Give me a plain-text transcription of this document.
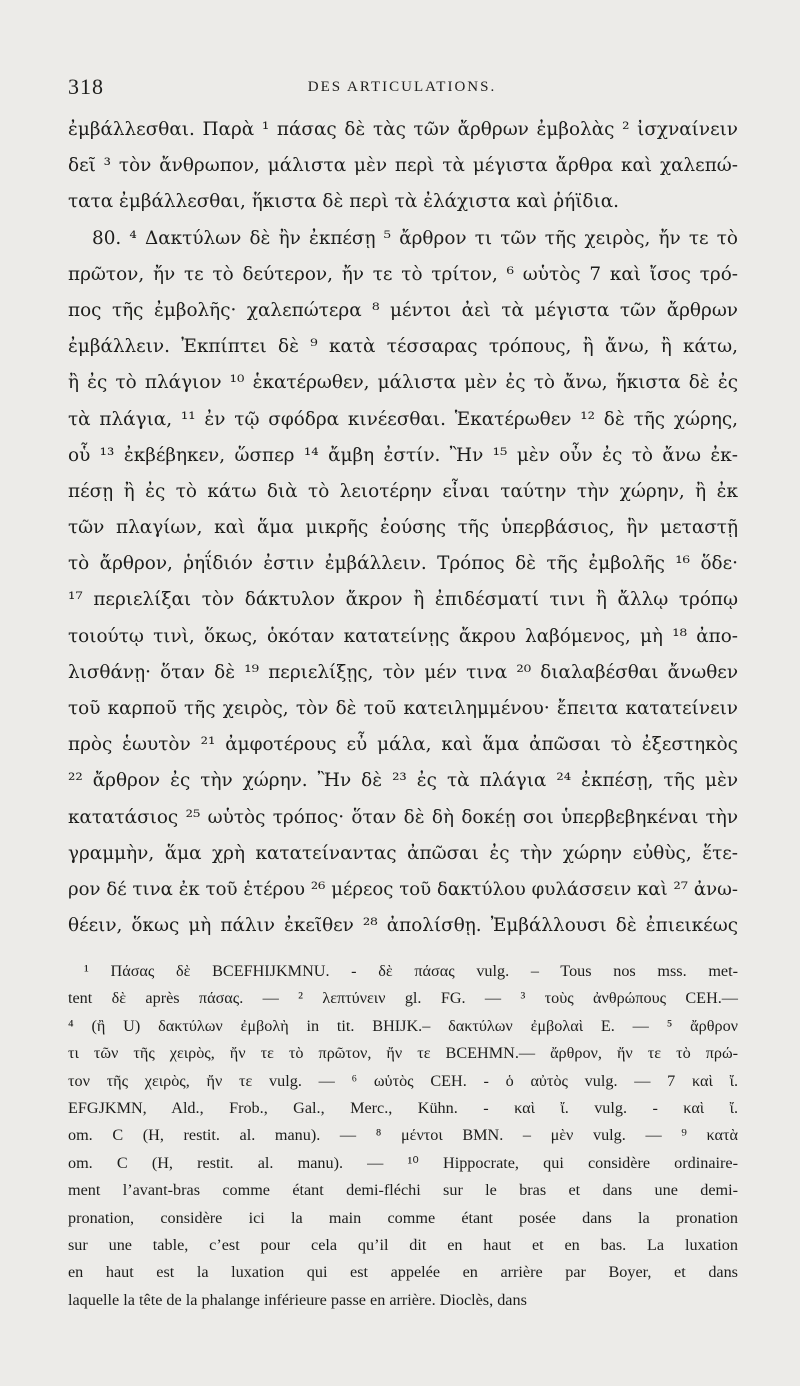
318	DES ARTICULATIONS.
ἐμβάλλεσθαι. Παρὰ ¹ πάσας δὲ τὰς τῶν ἄρθρων ἐμβολὰς ² ἰσχναίνειν
δεῖ ³ τὸν ἄνθρωπον, μάλιστα μὲν περὶ τὰ μέγιστα ἄρθρα καὶ χαλεπώ-
τατα ἐμβάλλεσθαι, ἥκιστα δὲ περὶ τὰ ἐλάχιστα καὶ ῥήϊδια.
80. ⁴ Δακτύλων δὲ ἢν ἐκπέσῃ ⁵ ἄρθρον τι τῶν τῆς χειρὸς, ἤν τε τὸ
πρῶτον, ἤν τε τὸ δεύτερον, ἤν τε τὸ τρίτον, ⁶ ωὑτὸς 7 καὶ ἴσος τρό-
πος τῆς ἐμβολῆς· χαλεπώτερα ⁸ μέντοι ἀεὶ τὰ μέγιστα τῶν ἄρθρων
ἐμβάλλειν. Ἐκπίπτει δὲ ⁹ κατὰ τέσσαρας τρόπους, ἢ ἄνω, ἢ κάτω,
ἢ ἐς τὸ πλάγιον ¹⁰ ἑκατέρωθεν, μάλιστα μὲν ἐς τὸ ἄνω, ἥκιστα δὲ ἐς
τὰ πλάγια, ¹¹ ἐν τῷ σφόδρα κινέεσθαι. Ἑκατέρωθεν ¹² δὲ τῆς χώρης,
οὗ ¹³ ἐκβέβηκεν, ὥσπερ ¹⁴ ἄμβη ἐστίν. Ἢν ¹⁵ μὲν οὖν ἐς τὸ ἄνω ἐκ-
πέσῃ ἢ ἐς τὸ κάτω διὰ τὸ λειοτέρην εἶναι ταύτην τὴν χώρην, ἢ ἐκ
τῶν πλαγίων, καὶ ἅμα μικρῆς ἐούσης τῆς ὑπερβάσιος, ἢν μεταστῇ
τὸ ἄρθρον, ῥηΐδιόν ἐστιν ἐμβάλλειν. Τρόπος δὲ τῆς ἐμβολῆς ¹⁶ ὅδε·
¹⁷ περιελίξαι τὸν δάκτυλον ἄκρον ἢ ἐπιδέσματί τινι ἢ ἄλλῳ τρόπῳ
τοιούτῳ τινὶ, ὅκως, ὁκόταν κατατείνῃς ἄκρου λαβόμενος, μὴ ¹⁸ ἀπο-
λισθάνῃ· ὅταν δὲ ¹⁹ περιελίξῃς, τὸν μέν τινα ²⁰ διαλαβέσθαι ἄνωθεν
τοῦ καρποῦ τῆς χειρὸς, τὸν δὲ τοῦ κατειλημμένου· ἔπειτα κατατείνειν
πρὸς ἑωυτὸν ²¹ ἀμφοτέρους εὖ μάλα, καὶ ἅμα ἀπῶσαι τὸ ἐξεστηκὸς
²² ἄρθρον ἐς τὴν χώρην. Ἢν δὲ ²³ ἐς τὰ πλάγια ²⁴ ἐκπέσῃ, τῆς μὲν
κατατάσιος ²⁵ ωὑτὸς τρόπος· ὅταν δὲ δὴ δοκέῃ σοι ὑπερβεβηκέναι τὴν
γραμμὴν, ἅμα χρὴ κατατείναντας ἀπῶσαι ἐς τὴν χώρην εὐθὺς, ἕτε-
ρον δέ τινα ἐκ τοῦ ἑτέρου ²⁶ μέρεος τοῦ δακτύλου φυλάσσειν καὶ ²⁷ ἀνω-
θέειν, ὅκως μὴ πάλιν ἐκεῖθεν ²⁸ ἀπολίσθῃ. Ἐμβάλλουσι δὲ ἐπιεικέως
¹ Πάσας δὲ BCEFHIJKMNU. - δὲ πάσας vulg. – Tous nos mss. met-
tent δὲ après πάσας. — ² λεπτύνειν gl. FG. — ³ τοὺς ἀνθρώπους CEH.—
⁴ (ἢ U) δακτύλων ἐμβολὴ in tit. BHIJK.– δακτύλων ἐμβολαὶ E. — ⁵ ἄρθρον
τι τῶν τῆς χειρὸς, ἤν τε τὸ πρῶτον, ἤν τε BCEHMN.— ἄρθρον, ἤν τε τὸ πρώ-
τον τῆς χειρὸς, ἤν τε vulg. — ⁶ ωὑτὸς CEH. - ὁ αὐτὸς vulg. — 7 καὶ ἴ.
EFGJKMN, Ald., Frob., Gal., Merc., Kühn. - καὶ ἴ. vulg. - καὶ ἴ.
om. C (H, restit. al. manu). — ⁸ μέντοι BMN. – μὲν vulg. — ⁹ κατὰ
om. C (H, restit. al. manu). — ¹⁰ Hippocrate, qui considère ordinaire-
ment l’avant-bras comme étant demi-fléchi sur le bras et dans une demi-
pronation, considère ici la main comme étant posée dans la pronation
sur une table, c’est pour cela qu’il dit en haut et en bas. La luxation
en haut est la luxation qui est appelée en arrière par Boyer, et dans
laquelle la tête de la phalange inférieure passe en arrière. Dioclès, dans
